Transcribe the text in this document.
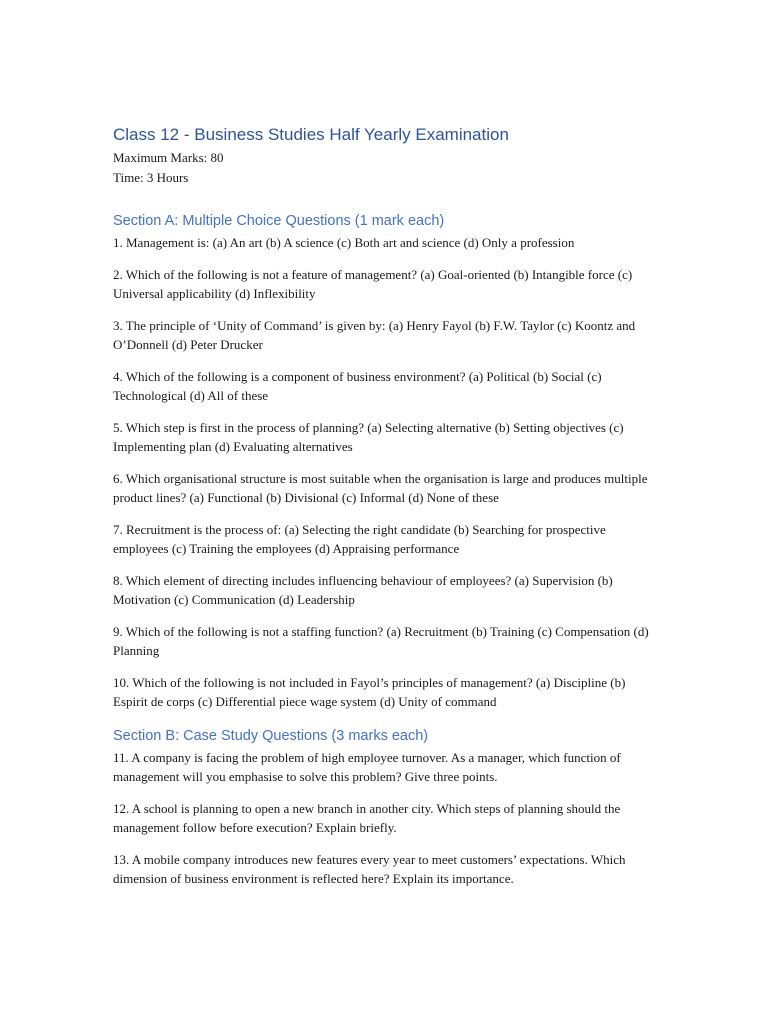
Class 12 - Business Studies Half Yearly Examination

Maximum Marks: 80

Time: 3 Hours

Section A: Multiple Choice Questions (1 mark each)

1. Management is: (a) An art (b) A science (c) Both art and science (d) Only a profession

2. Which of the following is not a feature of management? (a) Goal-oriented (b) Intangible force (c) Universal applicability (d) Inflexibility

3. The principle of ‘Unity of Command’ is given by: (a) Henry Fayol (b) F.W. Taylor (c) Koontz and O’Donnell (d) Peter Drucker

4. Which of the following is a component of business environment? (a) Political (b) Social (c) Technological (d) All of these

5. Which step is first in the process of planning? (a) Selecting alternative (b) Setting objectives (c) Implementing plan (d) Evaluating alternatives

6. Which organisational structure is most suitable when the organisation is large and produces multiple product lines? (a) Functional (b) Divisional (c) Informal (d) None of these

7. Recruitment is the process of: (a) Selecting the right candidate (b) Searching for prospective employees (c) Training the employees (d) Appraising performance

8. Which element of directing includes influencing behaviour of employees? (a) Supervision (b) Motivation (c) Communication (d) Leadership

9. Which of the following is not a staffing function? (a) Recruitment (b) Training (c) Compensation (d) Planning

10. Which of the following is not included in Fayol’s principles of management? (a) Discipline (b) Espirit de corps (c) Differential piece wage system (d) Unity of command

Section B: Case Study Questions (3 marks each)

11. A company is facing the problem of high employee turnover. As a manager, which function of management will you emphasise to solve this problem? Give three points.

12. A school is planning to open a new branch in another city. Which steps of planning should the management follow before execution? Explain briefly.

13. A mobile company introduces new features every year to meet customers’ expectations. Which dimension of business environment is reflected here? Explain its importance.
